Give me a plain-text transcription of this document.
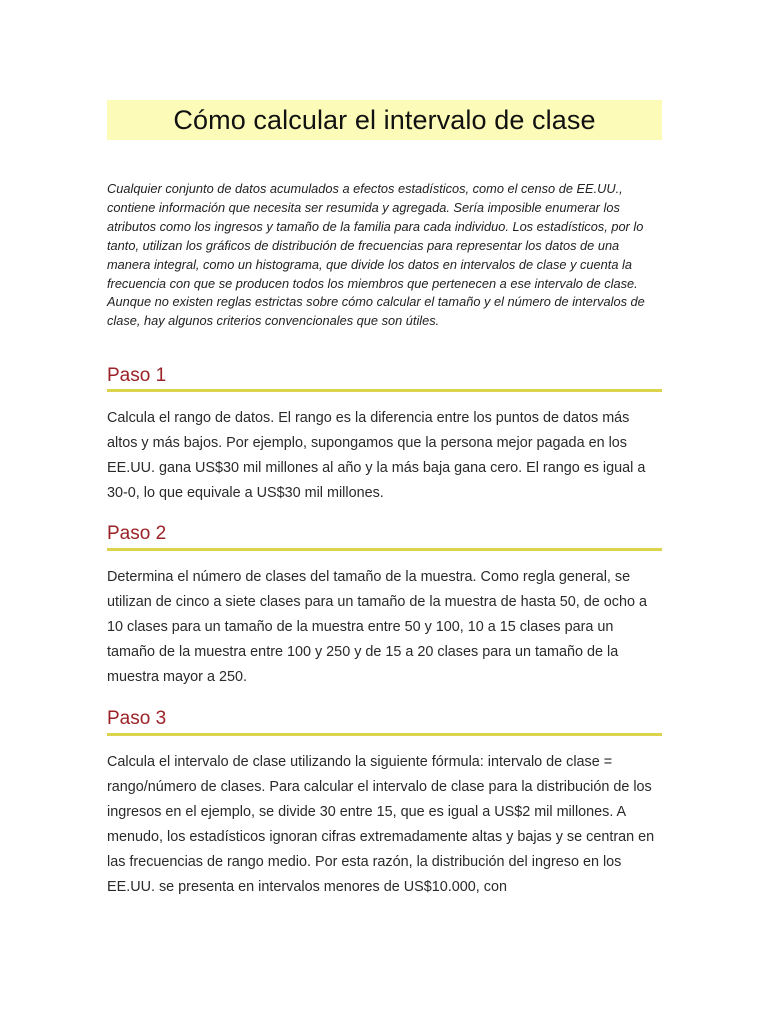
Cómo calcular el intervalo de clase

Cualquier conjunto de datos acumulados a efectos estadísticos, como el censo de EE.UU., contiene información que necesita ser resumida y agregada. Sería imposible enumerar los atributos como los ingresos y tamaño de la familia para cada individuo. Los estadísticos, por lo tanto, utilizan los gráficos de distribución de frecuencias para representar los datos de una manera integral, como un histograma, que divide los datos en intervalos de clase y cuenta la frecuencia con que se producen todos los miembros que pertenecen a ese intervalo de clase. Aunque no existen reglas estrictas sobre cómo calcular el tamaño y el número de intervalos de clase, hay algunos criterios convencionales que son útiles.

Paso 1

Calcula el rango de datos. El rango es la diferencia entre los puntos de datos más altos y más bajos. Por ejemplo, supongamos que la persona mejor pagada en los EE.UU. gana US$30 mil millones al año y la más baja gana cero. El rango es igual a 30-0, lo que equivale a US$30 mil millones.

Paso 2

Determina el número de clases del tamaño de la muestra. Como regla general, se utilizan de cinco a siete clases para un tamaño de la muestra de hasta 50, de ocho a 10 clases para un tamaño de la muestra entre 50 y 100, 10 a 15 clases para un tamaño de la muestra entre 100 y 250 y de 15 a 20 clases para un tamaño de la muestra mayor a 250.

Paso 3

Calcula el intervalo de clase utilizando la siguiente fórmula: intervalo de clase = rango/número de clases. Para calcular el intervalo de clase para la distribución de los ingresos en el ejemplo, se divide 30 entre 15, que es igual a US$2 mil millones. A menudo, los estadísticos ignoran cifras extremadamente altas y bajas y se centran en las frecuencias de rango medio. Por esta razón, la distribución del ingreso en los EE.UU. se presenta en intervalos menores de US$10.000, con
